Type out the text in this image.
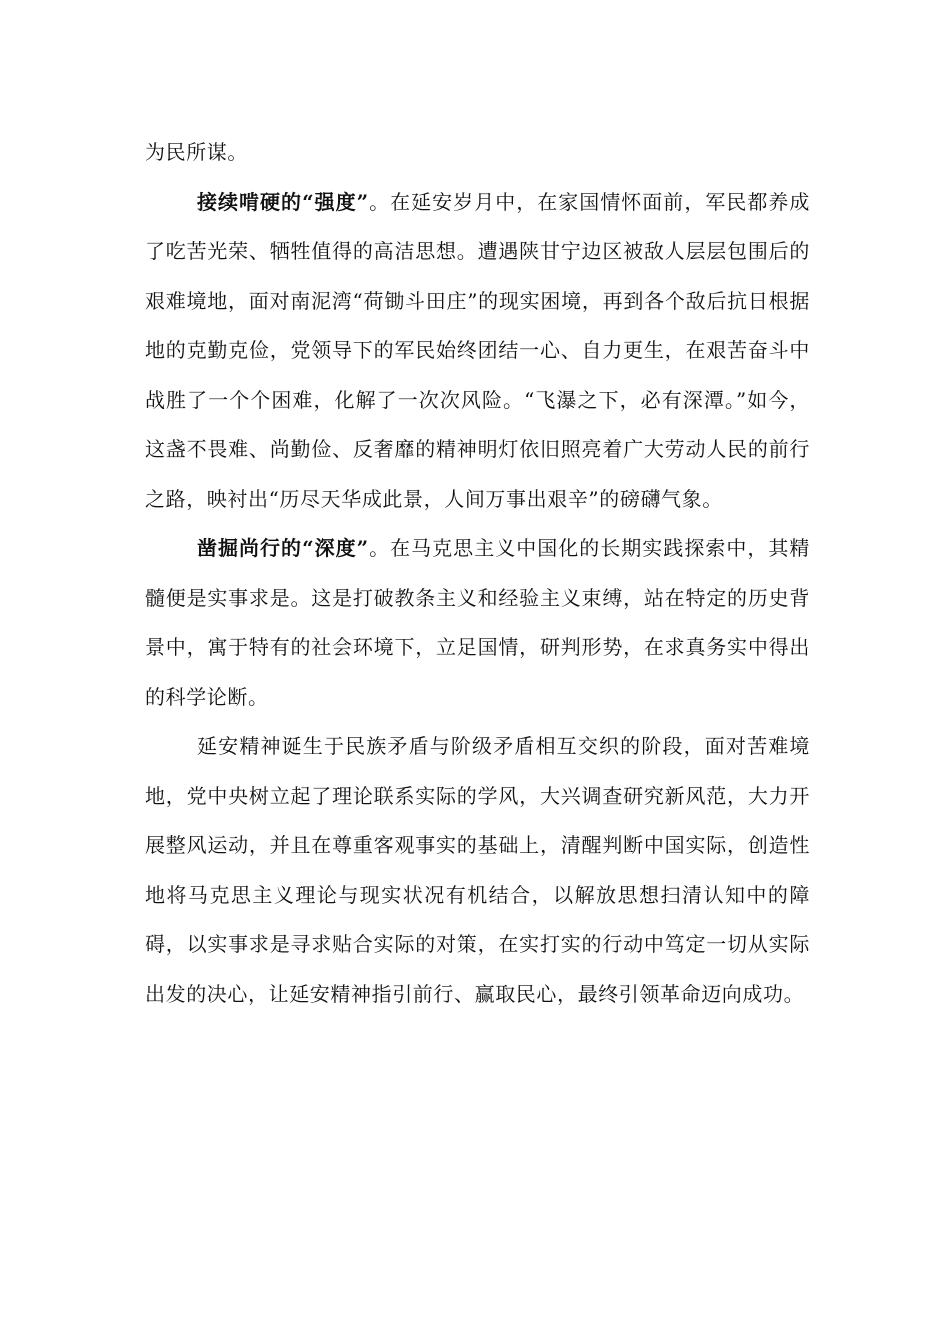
为民所谋。

接续啃硬的“强度”。在延安岁月中，在家国情怀面前，军民都养成了吃苦光荣、牺牲值得的高洁思想。遭遇陕甘宁边区被敌人层层包围后的艰难境地，面对南泥湾“荷锄斗田庄”的现实困境，再到各个敌后抗日根据地的克勤克俭，党领导下的军民始终团结一心、自力更生，在艰苦奋斗中战胜了一个个困难，化解了一次次风险。“飞瀑之下，必有深潭。”如今，这盏不畏难、尚勤俭、反奢靡的精神明灯依旧照亮着广大劳动人民的前行之路，映衬出“历尽天华成此景，人间万事出艰辛”的磅礴气象。

凿掘尚行的“深度”。在马克思主义中国化的长期实践探索中，其精髓便是实事求是。这是打破教条主义和经验主义束缚，站在特定的历史背景中，寓于特有的社会环境下，立足国情，研判形势，在求真务实中得出的科学论断。

延安精神诞生于民族矛盾与阶级矛盾相互交织的阶段，面对苦难境地，党中央树立起了理论联系实际的学风，大兴调查研究新风范，大力开展整风运动，并且在尊重客观事实的基础上，清醒判断中国实际，创造性地将马克思主义理论与现实状况有机结合，以解放思想扫清认知中的障碍，以实事求是寻求贴合实际的对策，在实打实的行动中笃定一切从实际出发的决心，让延安精神指引前行、赢取民心，最终引领革命迈向成功。
